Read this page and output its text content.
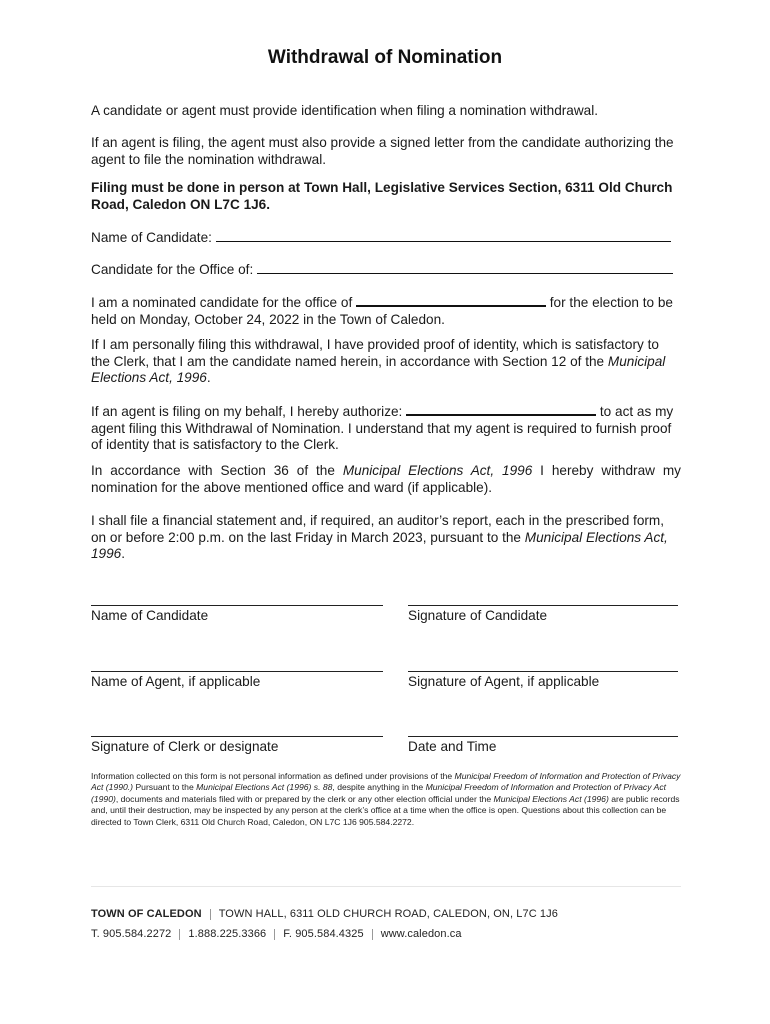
Withdrawal of Nomination

A candidate or agent must provide identification when filing a nomination withdrawal.

If an agent is filing, the agent must also provide a signed letter from the candidate authorizing the agent to file the nomination withdrawal.

Filing must be done in person at Town Hall, Legislative Services Section, 6311 Old Church Road, Caledon ON L7C 1J6.

Name of Candidate:

Candidate for the Office of:

I am a nominated candidate for the office of	for the election to be held on Monday, October 24, 2022 in the Town of Caledon.

If I am personally filing this withdrawal, I have provided proof of identity, which is satisfactory to the Clerk, that I am the candidate named herein, in accordance with Section 12 of the Municipal Elections Act, 1996.

If an agent is filing on my behalf, I hereby authorize:	to act as my agent filing this Withdrawal of Nomination. I understand that my agent is required to furnish proof of identity that is satisfactory to the Clerk.

In accordance with Section 36 of the Municipal Elections Act, 1996 I hereby withdraw my nomination for the above mentioned office and ward (if applicable).

I shall file a financial statement and, if required, an auditor’s report, each in the prescribed form, on or before 2:00 p.m. on the last Friday in March 2023, pursuant to the Municipal Elections Act, 1996.

Name of Candidate	Signature of Candidate
Name of Agent, if applicable	Signature of Agent, if applicable
Signature of Clerk or designate	Date and Time

Information collected on this form is not personal information as defined under provisions of the Municipal Freedom of Information and Protection of Privacy Act (1990.) Pursuant to the Municipal Elections Act (1996) s. 88, despite anything in the Municipal Freedom of Information and Protection of Privacy Act (1990), documents and materials filed with or prepared by the clerk or any other election official under the Municipal Elections Act (1996) are public records and, until their destruction, may be inspected by any person at the clerk’s office at a time when the office is open. Questions about this collection can be directed to Town Clerk, 6311 Old Church Road, Caledon, ON L7C 1J6 905.584.2272.

TOWN OF CALEDON TOWN HALL, 6311 OLD CHURCH ROAD, CALEDON, ON, L7C 1J6
T. 905.584.2272 1.888.225.3366 F. 905.584.4325 www.caledon.ca
